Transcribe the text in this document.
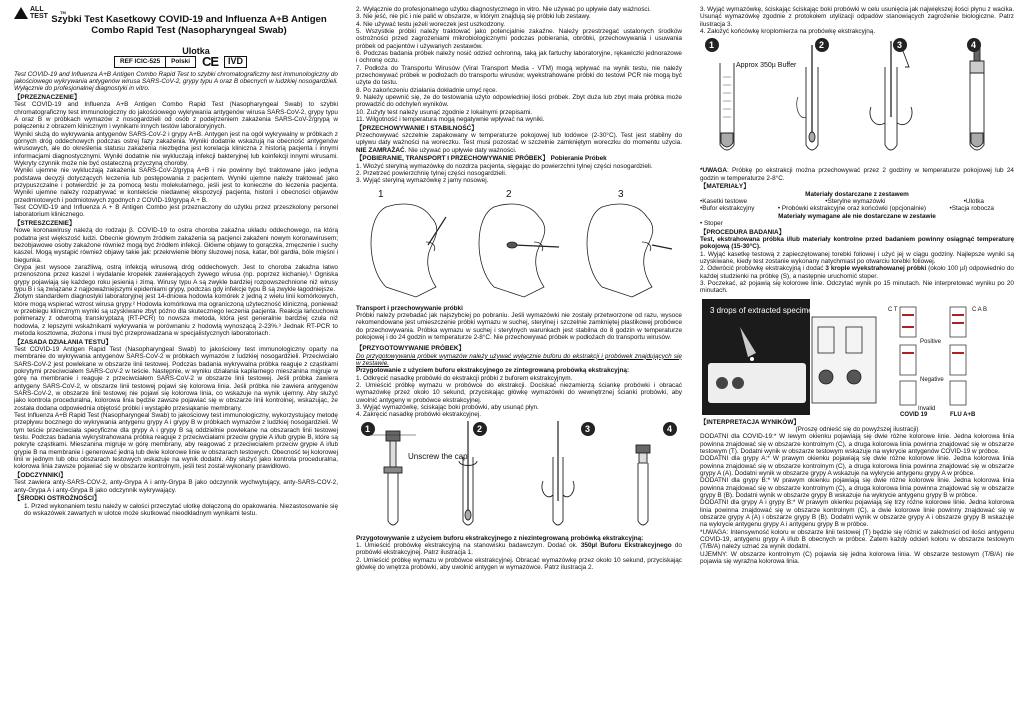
ALL TEST
TM
Szybki Test Kasetkowy COVID-19 and Influenza A+B Antigen Combo Rapid Test (Nasopharyngeal Swab)
Ulotka
REF ICIC-525	Polski CE	IVD

Test COVID-19 and Influenza A+B Antigen Combo Rapid Test to szybki chromatograficzny test immunologiczny do jakościowego wykrywania antygenów wirusa SARS-CoV-2, grypy typu A oraz B obecnych w ludzkiej nosogardzieli.

Wyłącznie do profesjonalnej diagnostyki in vitro.

【PRZEZNACZENIE】

Test COVID-19 and Influenza A+B Antigen Combo Rapid Test (Nasopharyngeal Swab) to szybki chromatograficzny test immunologiczny do jakościowego wykrywania antygenów wirusa SARS-CoV-2, grypy typu A oraz B w próbkach wymazów z nosogardzieli od osób z podejrzeniem zakażenia SARS-CoV-2/grypą w połączeniu z obrazem klinicznym i wynikami innych testów laboratoryjnych.

Wyniki służą do wykrywania antygenów SARS-CoV-2 i grypy A+B. Antygen jest na ogół wykrywalny w próbkach z górnych dróg oddechowych podczas ostrej fazy zakażenia. Wyniki dodatnie wskazują na obecność antygenów wirusowych, ale do określenia statusu zakażenia niezbędna jest korelacja kliniczna z historią pacjenta i innymi informacjami diagnostycznymi. Wyniki dodatnie nie wykluczają infekcji bakteryjnej lub koinfekcji innymi wirusami. Wykryty czynnik może nie być ostateczną przyczyną choroby.

Wyniki ujemne nie wykluczają zakażenia SARS-CoV-2/grypą A+B i nie powinny być traktowane jako jedyna podstawa decyzji dotyczących leczenia lub postępowania z pacjentem. Wyniki ujemne należy traktować jako przypuszczalne i potwierdzić je za pomocą testu molekularnego, jeśli jest to konieczne do leczenia pacjenta. Wyniki ujemne należy rozpatrywać w kontekście niedawnej ekspozycji pacjenta, historii i obecności objawów przedmiotowych i podmiotowych zgodnych z COVID-19/grypą A + B.

Test COVID-19 and Influenza A + B Antigen Combo jest przeznaczony do użytku przez przeszkolony personel laboratorium klinicznego.

【STRESZCZENIE】

Nowe koronawirusy należą do rodzaju β. COVID-19 to ostra choroba zakaźna układu oddechowego, na którą podatna jest większość ludzi. Obecnie głównym źródłem zakażenia są pacjenci zakażeni nowym koronawirusem; bezobjawowe osoby zakażone również mogą być źródłem infekcji. Główne objawy to gorączka, zmęczenie i suchy kaszel. Mogą wystąpić również objawy takie jak: przekrwienie błony śluzowej nosa, katar, ból gardła, bóle mięśni i biegunka.

Grypa jest wysoce zaraźliwą, ostrą infekcją wirusową dróg oddechowych. Jest to choroba zakaźna łatwo przenoszona przez kaszel i wydalanie kropelek zawierających żywego wirusa (np. poprzez kichanie).¹ Ogniska grypy pojawiają się każdego roku jesienią i zimą. Wirusy typu A są zwykle bardziej rozpowszechnione niż wirusy typu B i są związane z najpoważniejszymi epidemiami grypy, podczas gdy infekcje typu B są zwykle łagodniejsze.

Złotym standardem diagnostyki laboratoryjnej jest 14-dniowa hodowla komórek z jedną z wielu linii komórkowych, które mogą wspierać wzrost wirusa grypy.² Hodowla komórkowa ma ograniczoną użyteczność kliniczną, ponieważ w przebiegu klinicznym wyniki są uzyskiwane zbyt późno dla skutecznego leczenia pacjenta. Reakcja łańcuchowa polimerazy z odwrotną transkryptazą (RT-PCR) to nowsza metoda, która jest generalnie bardziej czuła niż hodowla, z lepszymi wskaźnikami wykrywania w porównaniu z hodowlą wynoszącą 2-23%.³ Jednak RT-PCR to metoda kosztowna, złożona i musi być przeprowadzana w specjalistycznych laboratoriach.

【ZASADA DZIAŁANIA TESTU】

Test COVID-19 Antigen Rapid Test (Nasopharyngeal Swab) to jakościowy test immunologiczny oparty na membranie do wykrywania antygenów SARS-CoV-2 w próbkach wymazów z ludzkiej nosogardzieli. Przeciwciało SARS-CoV-2 jest powlekane w obszarze linii testowej. Podczas badania wykrywalna próbka reaguje z cząstkami pokrytymi przeciwciałem SARS-CoV-2 w teście. Następnie, w wyniku działania kapilarnego mieszanina migruje w górę na membranie i reaguje z przeciwciałem SARS-CoV-2 w obszarze linii testowej. Jeśli próbka zawiera antygeny SARS-CoV-2, w obszarze linii testowej pojawi się kolorowa linia. Jeśli próbka nie zawiera antygenów SARS-CoV-2, w obszarze linii testowej nie pojawi się kolorowa linia, co wskazuje na wynik ujemny. Aby służyć jako kontrola proceduralna, kolorowa linia będzie zawsze pojawiać się w obszarze linii kontrolnej, wskazując, że została dodana odpowiednia objętość próbki i wystąpiło przesiąkanie membrany.

Test Influenza A+B Rapid Test (Nasopharyngeal Swab) to jakościowy test immunologiczny, wykorzystujący metodę przepływu bocznego do wykrywania antygenu grypy A i grypy B w próbkach wymazów z ludzkiej nosogardzieli. W tym teście przeciwciała specyficzne dla grypy A i grypy B są oddzielnie powlekane na obszarach linii testowej testu. Podczas badania wykrystrahowana próbka reaguje z przeciwciałami przeciw grypie A i/lub grypie B, które są pokryte cząstkami. Mieszanina migruje w górę membrany, aby reagować z przeciwciałem przeciw grypie A i/lub grypie B na membranie i generować jedną lub dwie kolorowe linie w obszarach testowych. Obecność tej kolorowej linii w jednym lub obu obszarach testowych wskazuje na wynik dodatni. Aby służyć jako kontrola proceduralna, kolorowa linia zawsze pojawiać się w obszarze kontrolnym, jeśli test został wykonany prawidłowo.

【ODCZYNNIKI】

Test zawiera anty-SARS-COV-2, anty-Grypa A i anty-Grypa B jako odczynnik wychwytujący, anty-SARS-COV-2, anty-Grypa A i anty-Grypa B jako odczynnik wykrywający.

【ŚRODKI OSTROŻNOŚCI】

1. Przed wykonaniem testu należy w całości przeczytać ulotkę dołączoną do opakowania. Niezastosowanie się do wskazówek zawartych w ulotce może skutkować nieodkładnym wynikami testu.

2. Wyłącznie do profesjonalnego użytku diagnostycznego in vitro. Nie używać po upływie daty ważności.

3. Nie jeść, nie pić i nie palić w obszarze, w którym znajdują się próbki lub zestawy.

4. Nie używać testu jeżeli woreczek jest uszkodzony.

5. Wszystkie próbki należy traktować jako potencjalnie zakaźne. Należy przestrzegać ustalonych środków ostrożności przed zagrożeniami mikrobiologicznymi podczas pobierania, obróbki, przechowywania i usuwania próbek od pacjentów i używanych zestawów.

6. Podczas badania próbek należy nosić odzież ochronną, taką jak fartuchy laboratoryjne, rękawiczki jednorazowe i ochronę oczu.

7. Podłoża do Transportu Wirusów (Viral Transport Media - VTM) mogą wpływać na wynik testu, nie należy przechowywać próbek w podłożach do transportu wirusów; wyekstrahowane próbki do testowi PCR nie mogą być użyte do testu.

8. Po zakończeniu działania dokładnie umyć ręce.

9. Należy upewnić się, że do testowania użyto odpowiedniej ilości próbek. Zbyt duża lub zbyt mała próbka może prowadzić do odchyleń wyników.

10. Zużyty test należy usunąć zgodnie z lokalnymi przepisami.

11. Wilgotność i temperatura mogą negatywnie wpływać na wyniki.

【PRZECHOWYWANIE I STABILNOŚĆ】

Przechowywać szczelnie zapakowany w temperaturze pokojowej lub lodówce (2-30°C). Test jest stabilny do upływu daty ważności na woreczku. Test musi pozostać w szczelnie zamkniętym woreczku do momentu użycia. NIE ZAMRAŻAĆ. Nie używać po upływie daty ważności.

【POBIERANIE, TRANSPORT I PRZECHOWYWANIE PRÓBEK】 Pobieranie Próbek

1. Włożyć sterylną wymazówkę do nozdrza pacjenta, sięgając do powierzchni tylnej części nosogardzieli.

2. Przetrzeć powierzchnię tylnej części nosogardzieli.

3. Wyjąć sterylną wymazówkę z jamy nosowej.

1	2	3

Transport i przechowywanie próbki

Próbki należy przebadać jak najszybciej po pobraniu. Jeśli wymazówki nie zostały przetworzone od razu, wysoce rekomendowane jest umieszczenie próbki wymazu w suchej, sterylnej i szczelnie zamkniętej plastikowej probówce do przechowywania. Próbka wymazu w suchej i sterylnych warunkach jest stabilna do 8 godzin w temperaturze pokojowej i do 24 godzin w temperaturze 2-8°C. Nie przechowywać próbek w podłożach do transportu wirusów.

【PRZYGOTOWYWANIE PRÓBEK】

Do przygotowywania próbek wymazów należy używać wyłącznie buforu do ekstrakcji i probówek znajdujących się w zestawie.

Przygotowanie z użyciem buforu ekstrakcyjnego ze zintegrowaną probówką ekstrakcyjną:

1. Odkręcić nasadkę probówki do ekstrakcji próbki z buforem ekstrakcyjnym.

2. Umieścić próbkę wymazu w probówce do ekstrakcji. Dociskać niezamierzą ściankę probówki i obracać wymazówkę przez około 10 sekund, przyciskając główkę wymazówki do wewnętrznej ścianki probówki, aby uwolnić antygeny w probówce ekstrakcyjnej.

3. Wyjąć wymazówkę, ściskając boki probówki, aby usunąć płyn.

4. Zakręcić nasadkę probówki ekstrakcyjnej.

1	2	3	4
Unscrew the cap

Przygotowywanie z użyciem buforu ekstrakcyjnego z niezintegrowaną probówką ekstrakcyjną:

1. Umieścić probówkę ekstrakcyjną na stanowisku badawczym. Dodać ok. 350µl Buforu Ekstrakcyjnego do probówki ekstrakcyjnej. Patrz ilustracja 1.

2. Umieścić próbkę wymazu w probówce ekstrakcyjnej. Obracać wymazówkę przez około 10 sekund, przyciskając główkę do wnętrza probówki, aby uwolnić antygen w wymazówce. Patrz ilustracja 2.

3. Wyjąć wymazówkę, ściskając ściskając boki probówki w celu usunięcia jak największej ilości płynu z wacika. Usunąć wymazówkę zgodnie z protokołem utylizacji odpadów stanowiących zagrożenie biologiczne. Patrz ilustracja 3.

4. Założyć końcówkę kroplomierza na probówkę ekstrakcyjną.

1	2	3	4
Approx 350µ Buffer

*UWAGA: Próbkę po ekstrakcji można przechowywać przez 2 godziny w temperaturze pokojowej lub 24 godzin w temperaturze 2-8°C.

【MATERIAŁY】

Materiały dostarczane z zestawem

•Kasetki testowe	•Sterylne wymazówki	•Ulotka
•Bufor ekstrakcyjny	• Probówki ekstrakcyjne oraz końcówki (opcjonalnie)	•Stacja robocza

Materiały wymagane ale nie dostarczane w zestawie

• Stoper

【PROCEDURA BADANIA】

Test, ekstrahowana próbka i/lub materiały kontrolne przed badaniem powinny osiągnąć temperaturę pokojową (15-30°C).

1. Wyjąć kasetkę testową z zapieczętowanej torebki foliowej i użyć jej w ciągu godziny. Najlepsze wyniki są uzyskiwane, kiedy test zostanie wykonany natychmiast po otwarciu torebki foliowej.

2. Odwrócić probówkę ekstrakcyjną i dodać 3 krople wyekstrahowanej próbki (około 100 µl) odpowiednio do każdej studzienki na próbkę (S), a następnie uruchomić stoper.

3. Poczekać, aż pojawią się kolorowe linie. Odczytać wynik po 15 minutach. Nie interpretować wyniku po 20 minutach.

3 drops of extracted specimen	C T	C A B
Positive
Negative
Invalid
COVID 19	FLU A+B

【INTERPRETACJA WYNIKÓW】

(Proszę odnieść się do powyższej ilustracji)

DODATNI dla COVID-19:* W lewym okienku pojawiają się dwie różne kolorowe linie. Jedna kolorowa linia powinna znajdować się w obszarze kontrolnym (C), a druga kolorowa linia powinna znajdować się w obszarze testowym (T). Dodatni wynik w obszarze testowym wskazuje na wykrycie antygenów COVID-19 w próbce.

DODATNI dla grypy A:* W prawym okienku pojawiają się dwie różne kolorowe linie. Jedna kolorowa linia powinna znajdować się w obszarze kontrolnym (C), a druga kolorowa linia powinna znajdować się w obszarze grypy A (A). Dodatni wynik w obszarze grypy A wskazuje na wykrycie antygenu grypy A w próbce.

DODATNI dla grypy B:* W prawym okienku pojawiają się dwie różne kolorowe linie. Jedna kolorowa linia powinna znajdować się w obszarze kontrolnym (C), a druga kolorowa linia powinna znajdować się w obszarze grypy B (B). Dodatni wynik w obszarze grypy B wskazuje na wykrycie antygenu grypy B w próbce.

DODATNI dla grypy A i grypy B:* W prawym okienku pojawiają się trzy różne kolorowe linie. Jedna kolorowa linia powinna znajdować się w obszarze kontrolnym (C), a dwie kolorowe linie powinny znajdować się w obszarze grypy A (A) i obszarze grypy B (B). Dodatni wynik w obszarze grypy A i obszarze grypy B wskazuje na wykrycie antygenu grypy A i antygenu grypy B w próbce.

*UWAGA: Intensywność koloru w obszarze linii testowej (T) będzie się różnić w zależności od ilości antygenu COVID-19, antygenu grypy A i/lub B obecnych w próbce. Zatem każdy odcień koloru w obszarze testowym (T/B/A) należy uznać za wynik dodatni.

UJEMNY: W obszarze kontrolnym (C) pojawia się jedna kolorowa linia. W obszarze testowym (T/B/A) nie pojawia się wyraźna kolorowa linia.
